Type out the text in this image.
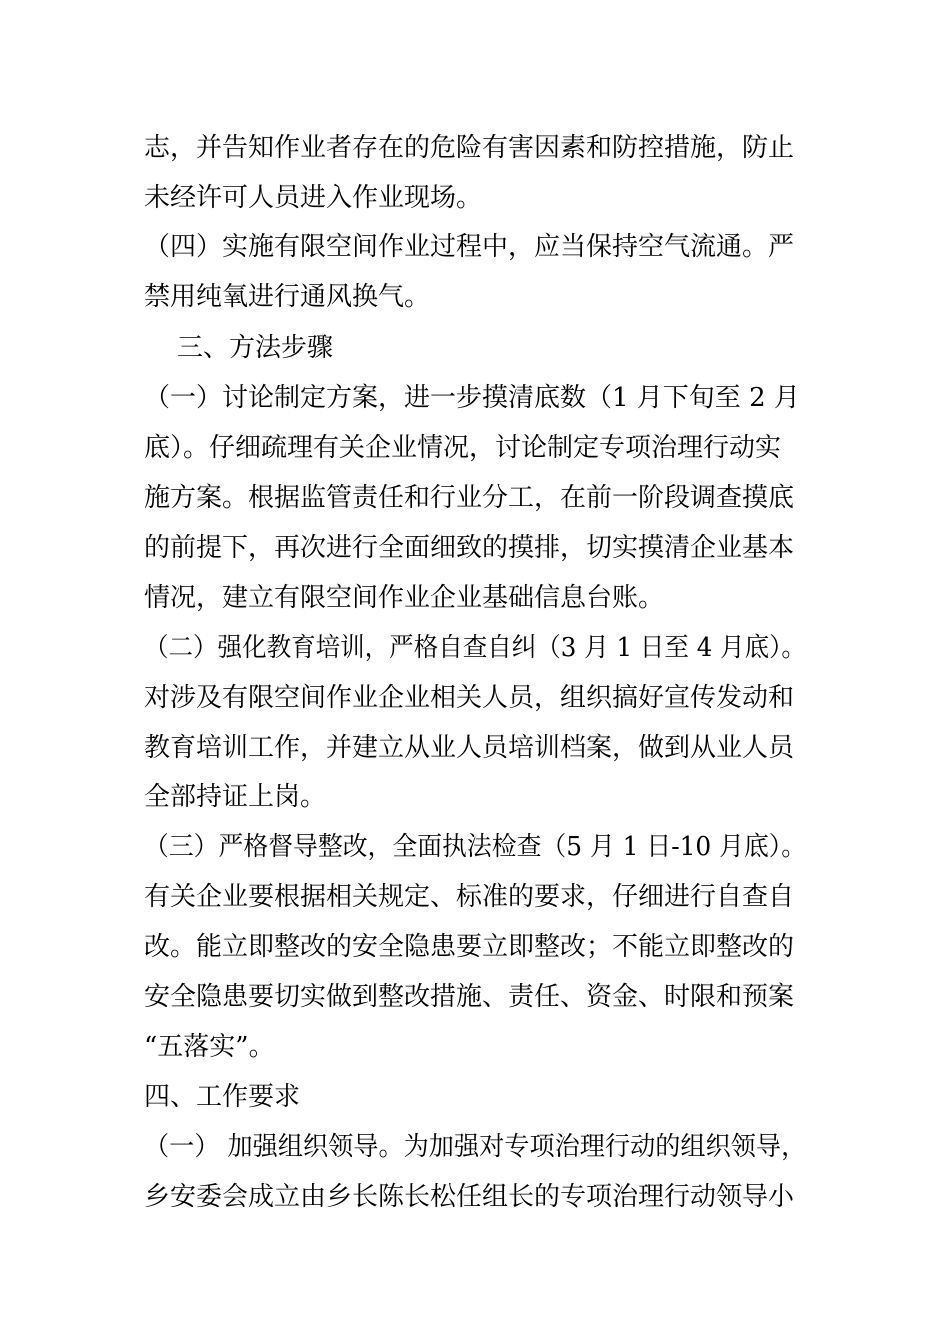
志，并告知作业者存在的危险有害因素和防控措施，防止
未经许可人员进入作业现场。
（四）实施有限空间作业过程中，应当保持空气流通。严
禁用纯氧进行通风换气。
三、方法步骤
（一）讨论制定方案，进一步摸清底数（1 月下旬至 2 月
底）。仔细疏理有关企业情况，讨论制定专项治理行动实
施方案。根据监管责任和行业分工，在前一阶段调查摸底
的前提下，再次进行全面细致的摸排，切实摸清企业基本
情况，建立有限空间作业企业基础信息台账。
（二）强化教育培训，严格自查自纠（3 月 1 日至 4 月底）。
对涉及有限空间作业企业相关人员，组织搞好宣传发动和
教育培训工作，并建立从业人员培训档案，做到从业人员
全部持证上岗。
（三）严格督导整改，全面执法检查（5 月 1 日-10 月底）。
有关企业要根据相关规定、标准的要求，仔细进行自查自
改。能立即整改的安全隐患要立即整改；不能立即整改的
安全隐患要切实做到整改措施、责任、资金、时限和预案
“五落实”。
四、工作要求
（一） 加强组织领导。为加强对专项治理行动的组织领导，
乡安委会成立由乡长陈长松任组长的专项治理行动领导小
